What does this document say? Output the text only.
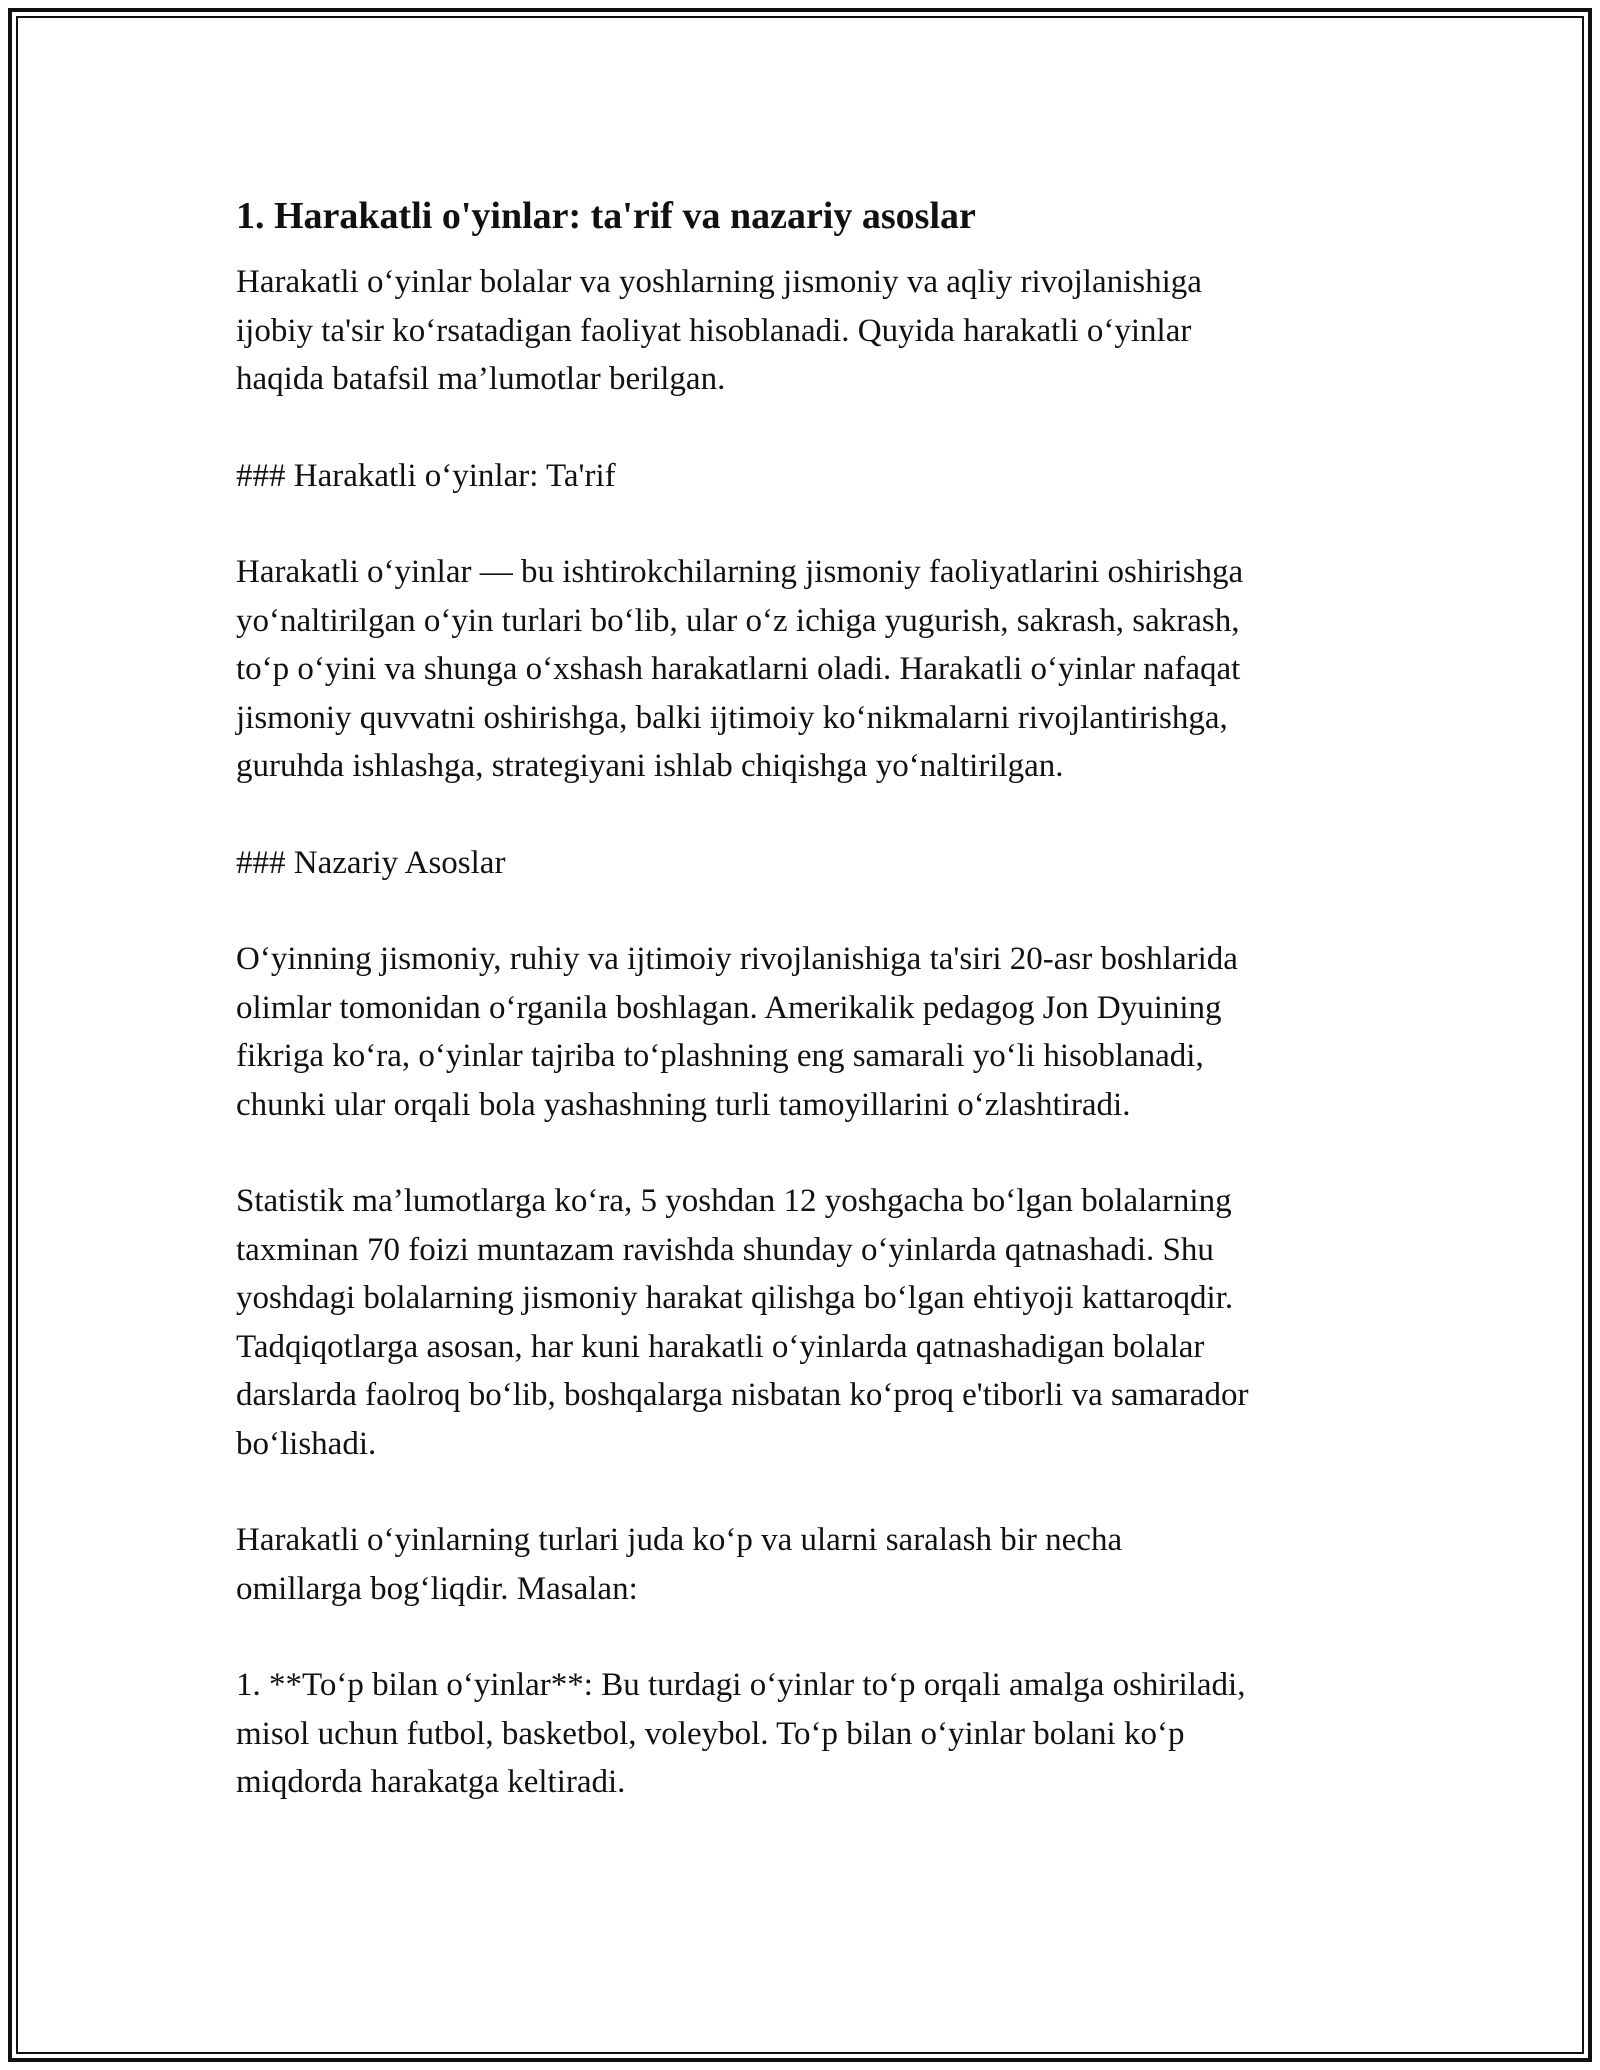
1. Harakatli o'yinlar: ta'rif va nazariy asoslar

Harakatli o‘yinlar bolalar va yoshlarning jismoniy va aqliy rivojlanishiga
ijobiy ta'sir ko‘rsatadigan faoliyat hisoblanadi. Quyida harakatli o‘yinlar
haqida batafsil ma’lumotlar berilgan.

### Harakatli o‘yinlar: Ta'rif

Harakatli o‘yinlar — bu ishtirokchilarning jismoniy faoliyatlarini oshirishga
yo‘naltirilgan o‘yin turlari bo‘lib, ular o‘z ichiga yugurish, sakrash, sakrash,
to‘p o‘yini va shunga o‘xshash harakatlarni oladi. Harakatli o‘yinlar nafaqat
jismoniy quvvatni oshirishga, balki ijtimoiy ko‘nikmalarni rivojlantirishga,
guruhda ishlashga, strategiyani ishlab chiqishga yo‘naltirilgan.

### Nazariy Asoslar

O‘yinning jismoniy, ruhiy va ijtimoiy rivojlanishiga ta'siri 20-asr boshlarida
olimlar tomonidan o‘rganila boshlagan. Amerikalik pedagog Jon Dyuining
fikriga ko‘ra, o‘yinlar tajriba to‘plashning eng samarali yo‘li hisoblanadi,
chunki ular orqali bola yashashning turli tamoyillarini o‘zlashtiradi.

Statistik ma’lumotlarga ko‘ra, 5 yoshdan 12 yoshgacha bo‘lgan bolalarning
taxminan 70 foizi muntazam ravishda shunday o‘yinlarda qatnashadi. Shu
yoshdagi bolalarning jismoniy harakat qilishga bo‘lgan ehtiyoji kattaroqdir.
Tadqiqotlarga asosan, har kuni harakatli o‘yinlarda qatnashadigan bolalar
darslarda faolroq bo‘lib, boshqalarga nisbatan ko‘proq e'tiborli va samarador
bo‘lishadi.

Harakatli o‘yinlarning turlari juda ko‘p va ularni saralash bir necha
omillarga bog‘liqdir. Masalan:

1. **To‘p bilan o‘yinlar**: Bu turdagi o‘yinlar to‘p orqali amalga oshiriladi,
misol uchun futbol, basketbol, voleybol. To‘p bilan o‘yinlar bolani ko‘p
miqdorda harakatga keltiradi.
